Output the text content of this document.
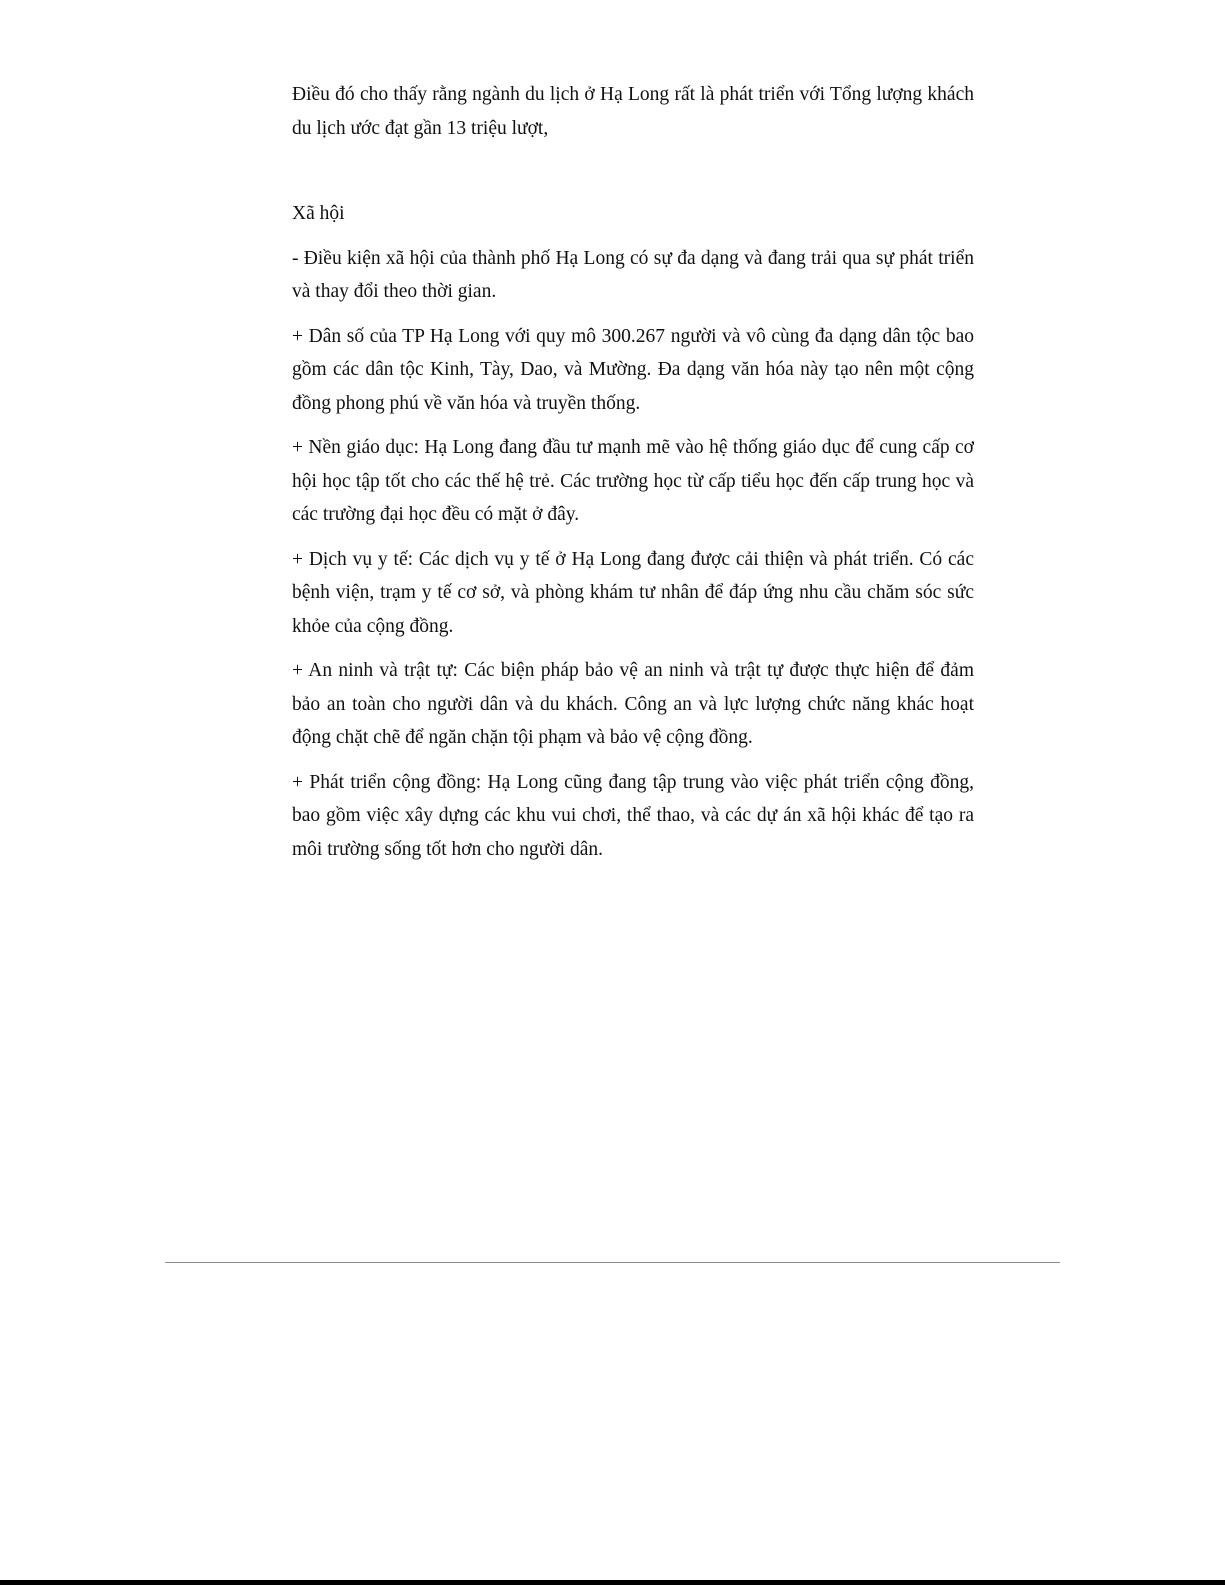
Điều đó cho thấy rằng ngành du lịch ở Hạ Long rất là phát triển với Tổng lượng khách du lịch ước đạt gần 13 triệu lượt,

Xã hội

- Điều kiện xã hội của thành phố Hạ Long có sự đa dạng và đang trải qua sự phát triển và thay đổi theo thời gian.

+ Dân số của TP Hạ Long với quy mô 300.267 người và vô cùng đa dạng dân tộc bao gồm các dân tộc Kinh, Tày, Dao, và Mường. Đa dạng văn hóa này tạo nên một cộng đồng phong phú về văn hóa và truyền thống.

+ Nền giáo dục: Hạ Long đang đầu tư mạnh mẽ vào hệ thống giáo dục để cung cấp cơ hội học tập tốt cho các thế hệ trẻ. Các trường học từ cấp tiểu học đến cấp trung học và các trường đại học đều có mặt ở đây.

+ Dịch vụ y tế: Các dịch vụ y tế ở Hạ Long đang được cải thiện và phát triển. Có các bệnh viện, trạm y tế cơ sở, và phòng khám tư nhân để đáp ứng nhu cầu chăm sóc sức khỏe của cộng đồng.

+ An ninh và trật tự: Các biện pháp bảo vệ an ninh và trật tự được thực hiện để đảm bảo an toàn cho người dân và du khách. Công an và lực lượng chức năng khác hoạt động chặt chẽ để ngăn chặn tội phạm và bảo vệ cộng đồng.

+ Phát triển cộng đồng: Hạ Long cũng đang tập trung vào việc phát triển cộng đồng, bao gồm việc xây dựng các khu vui chơi, thể thao, và các dự án xã hội khác để tạo ra môi trường sống tốt hơn cho người dân.
